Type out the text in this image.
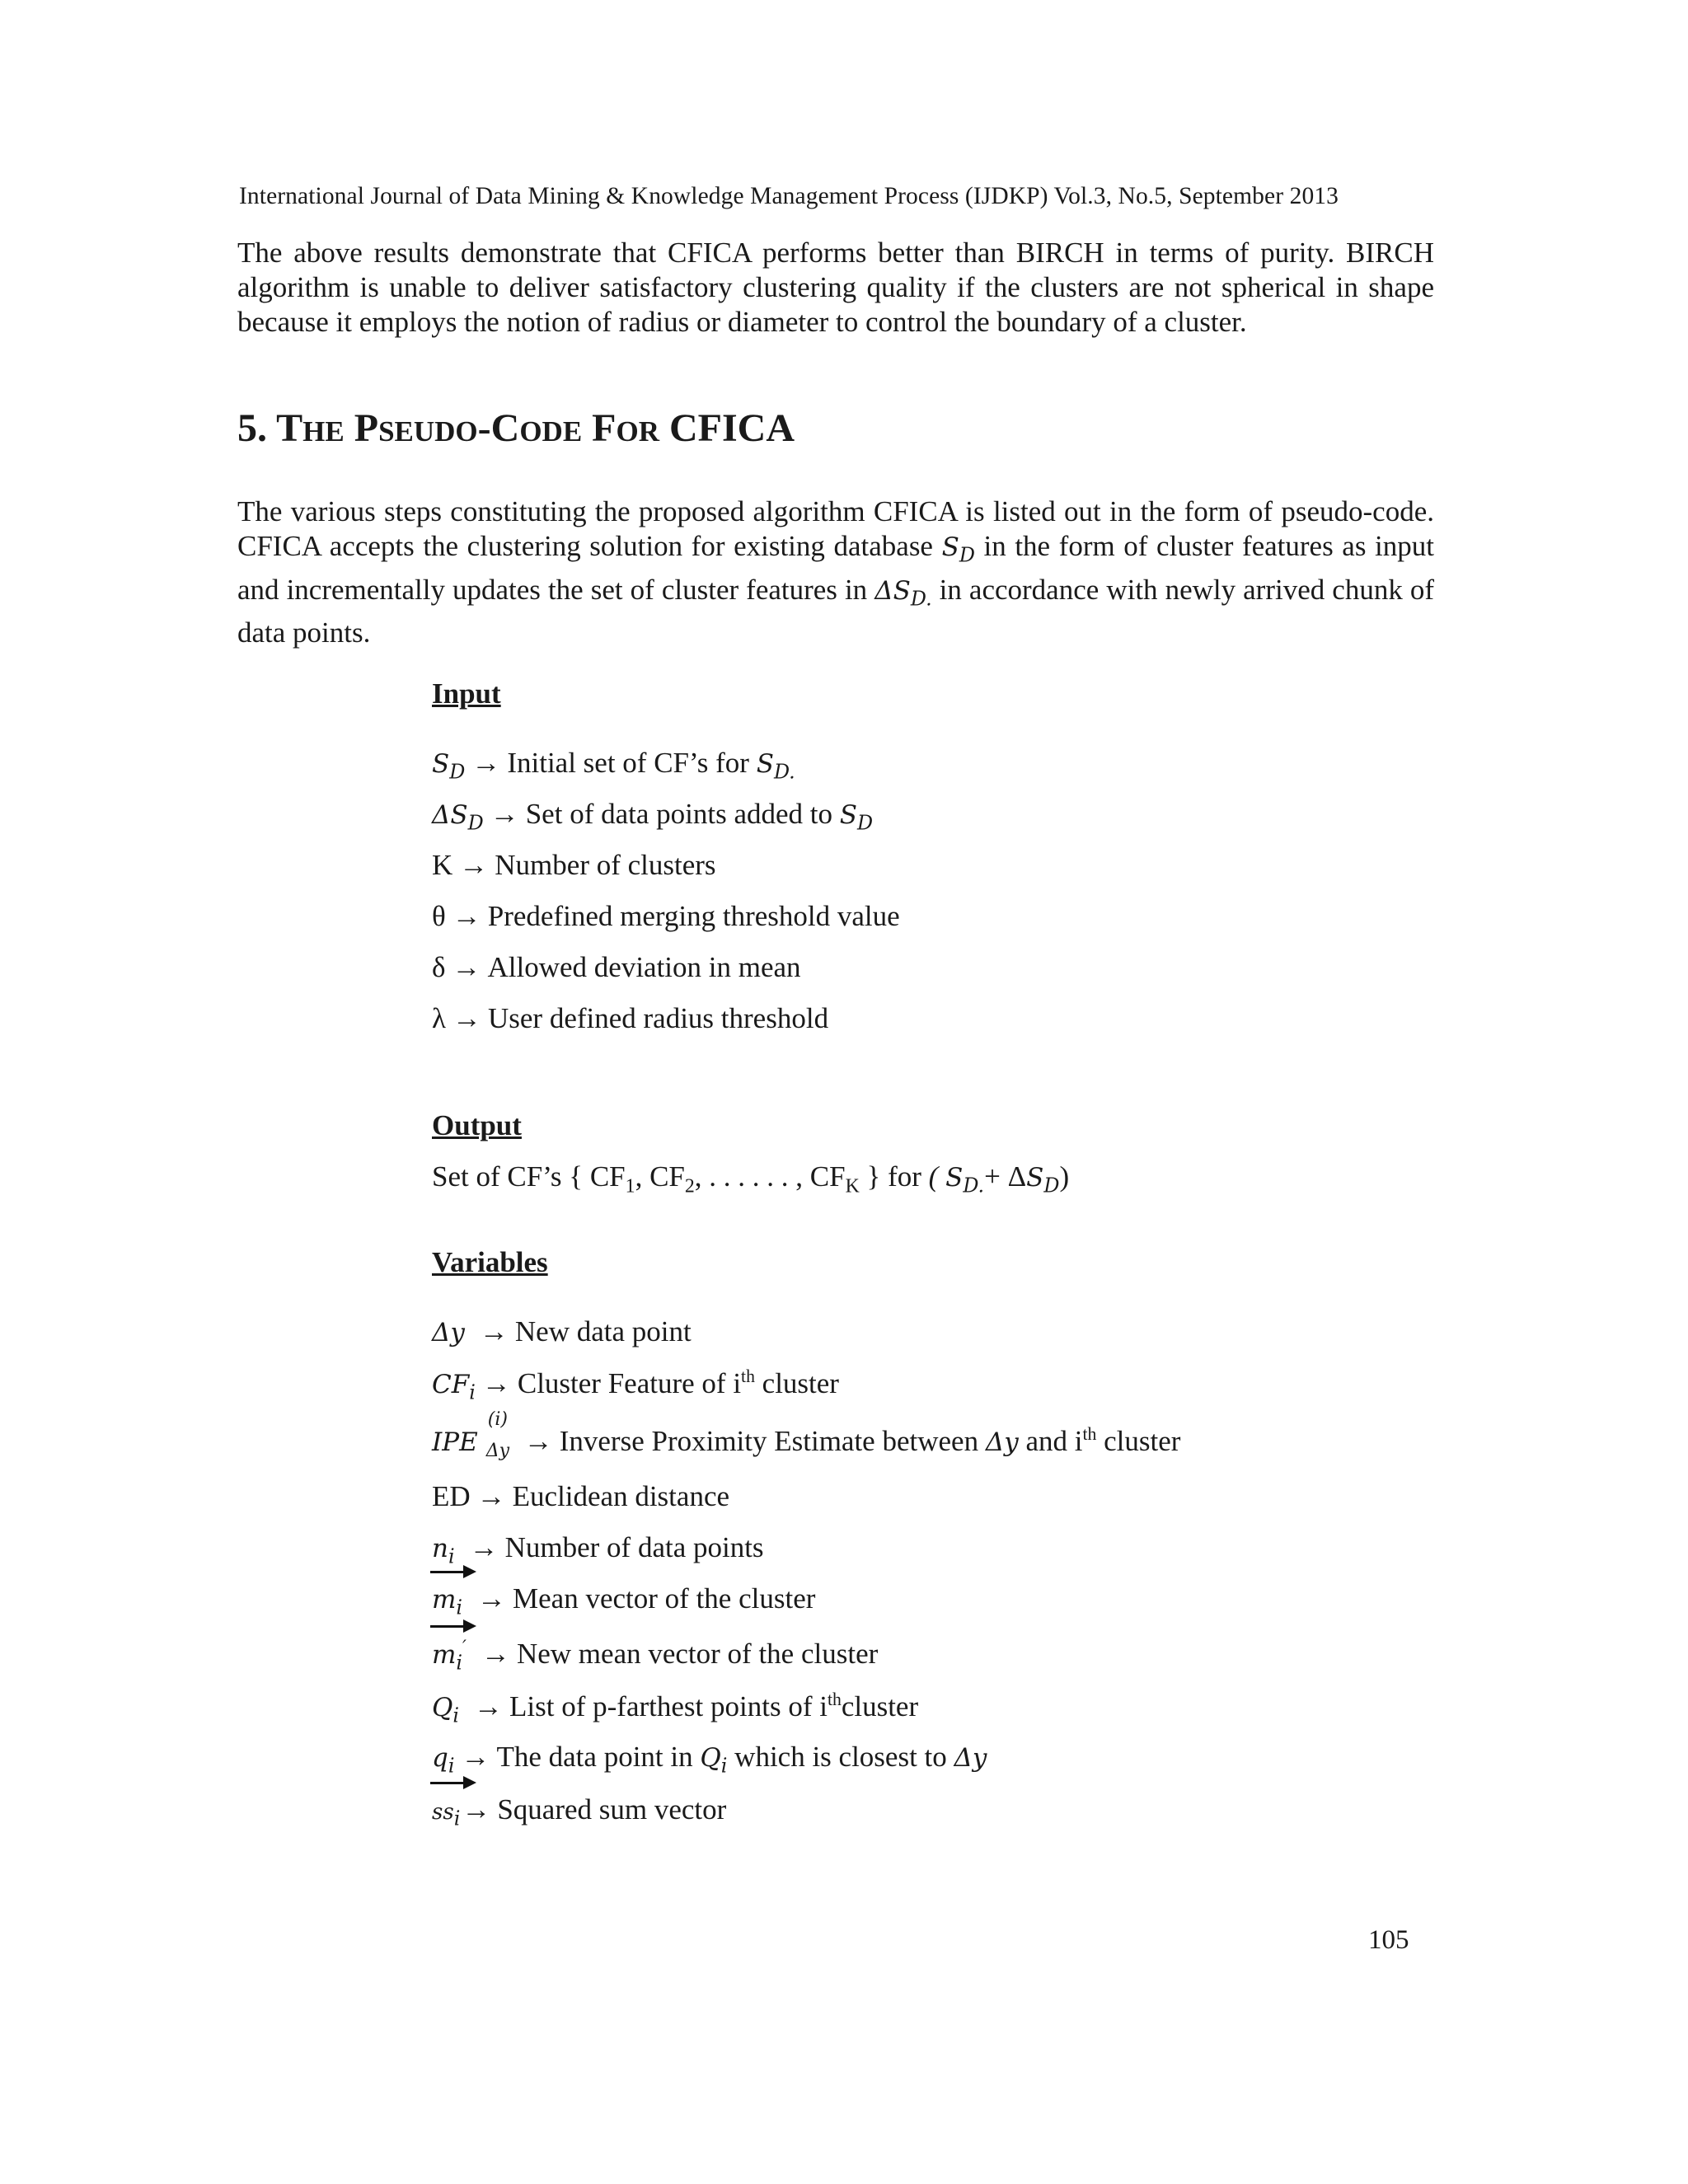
International Journal of Data Mining & Knowledge Management Process (IJDKP) Vol.3, No.5, September 2013

The above results demonstrate that CFICA performs better than BIRCH in terms of purity. BIRCH algorithm is unable to deliver satisfactory clustering quality if the clusters are not spherical in shape because it employs the notion of radius or diameter to control the boundary of a cluster.

5. THE PSEUDO-CODE FOR CFICA

The various steps constituting the proposed algorithm CFICA is listed out in the form of pseudo-code. CFICA accepts the clustering solution for existing database $S_D$ in the form of cluster features as input and incrementally updates the set of cluster features in $\Delta S_{D.}$ in accordance with newly arrived chunk of data points.

Input
$S_D$ → Initial set of CF’s for $S_{D.}$
$\Delta S_D$ → Set of data points added to $S_D$
K → Number of clusters
θ → Predefined merging threshold value
δ → Allowed deviation in mean
λ → User defined radius threshold
Output
Set of CF’s { $CF_1$, $CF_2$, . . . . . . , $CF_K$ } for ( $S_{D.}+ \Delta S_D$)
Variables
Δy → New data point
$CF_i$ → Cluster Feature of $i^{th}$ cluster
IPE
(i)
Δy → Inverse Proximity Estimate between Δy and $i^{th}$ cluster
ED → Euclidean distance
$n_i$ → Number of data points
$m_i$ → Mean vector of the cluster
$m_i'$ → New mean vector of the cluster
$Q_i$ → List of p-farthest points of $i^{th}cluster$
$q_i$ → The data point in $Q_i$ which is closest to Δy
$ss_i\to$ Squared sum vector
105
